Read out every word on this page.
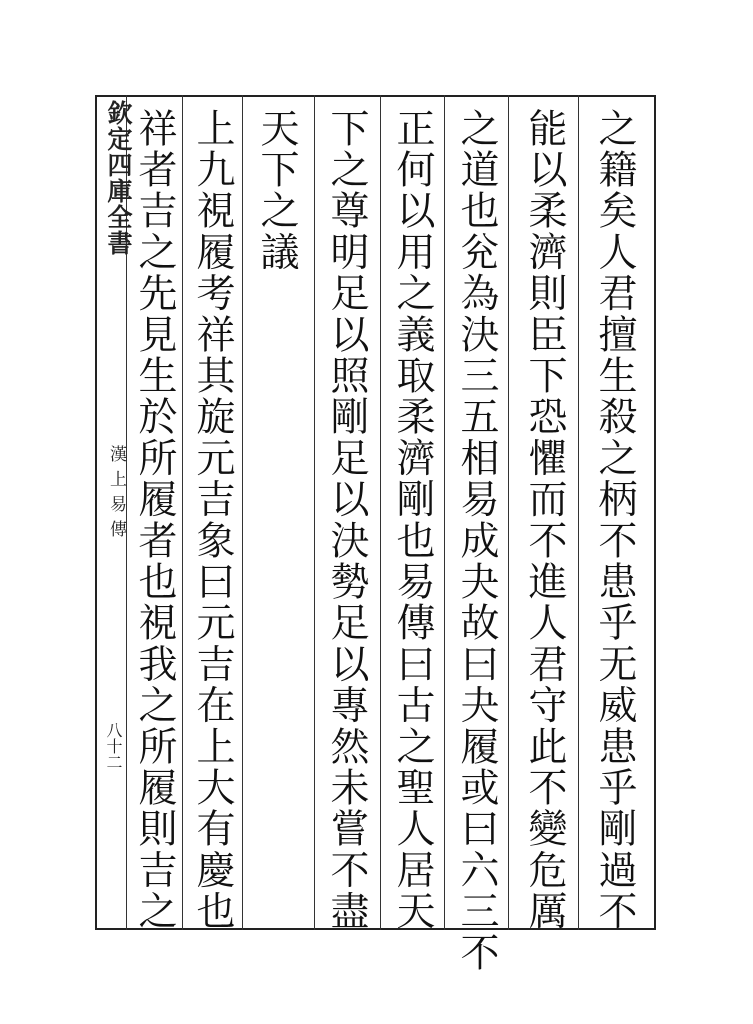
欽定四庫全書
漢上易傳
八十二	之籍矣人君擅生殺之柄不患乎无威患乎剛過不
能以柔濟則臣下恐懼而不進人君守此不變危厲
之道也兊為決三五相易成夬故曰夬履或曰六三不
正何以用之義取柔濟剛也易傳曰古之聖人居天
下之尊明足以照剛足以決勢足以專然未嘗不盡
天下之議
上九視履考祥其旋元吉象曰元吉在上大有慶也
祥者吉之先見生於所履者也視我之所履則吉之
